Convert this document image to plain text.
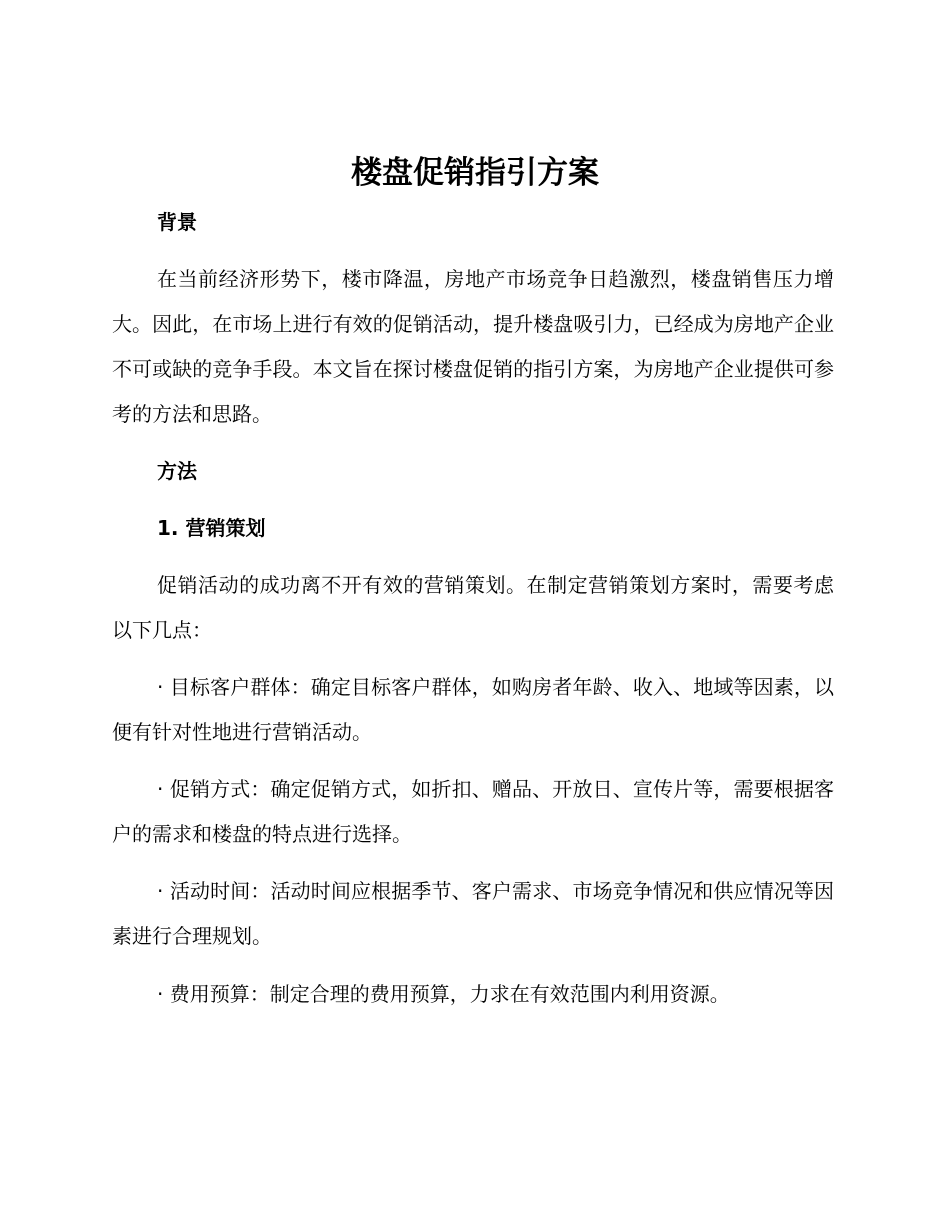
楼盘促销指引方案
背景

在当前经济形势下，楼市降温，房地产市场竞争日趋激烈，楼盘销售压力增大。因此，在市场上进行有效的促销活动，提升楼盘吸引力，已经成为房地产企业不可或缺的竞争手段。本文旨在探讨楼盘促销的指引方案，为房地产企业提供可参考的方法和思路。

方法
1. 营销策划

促销活动的成功离不开有效的营销策划。在制定营销策划方案时，需要考虑以下几点：

· 目标客户群体：确定目标客户群体，如购房者年龄、收入、地域等因素，以便有针对性地进行营销活动。

· 促销方式：确定促销方式，如折扣、赠品、开放日、宣传片等，需要根据客户的需求和楼盘的特点进行选择。

· 活动时间：活动时间应根据季节、客户需求、市场竞争情况和供应情况等因素进行合理规划。

· 费用预算：制定合理的费用预算，力求在有效范围内利用资源。
